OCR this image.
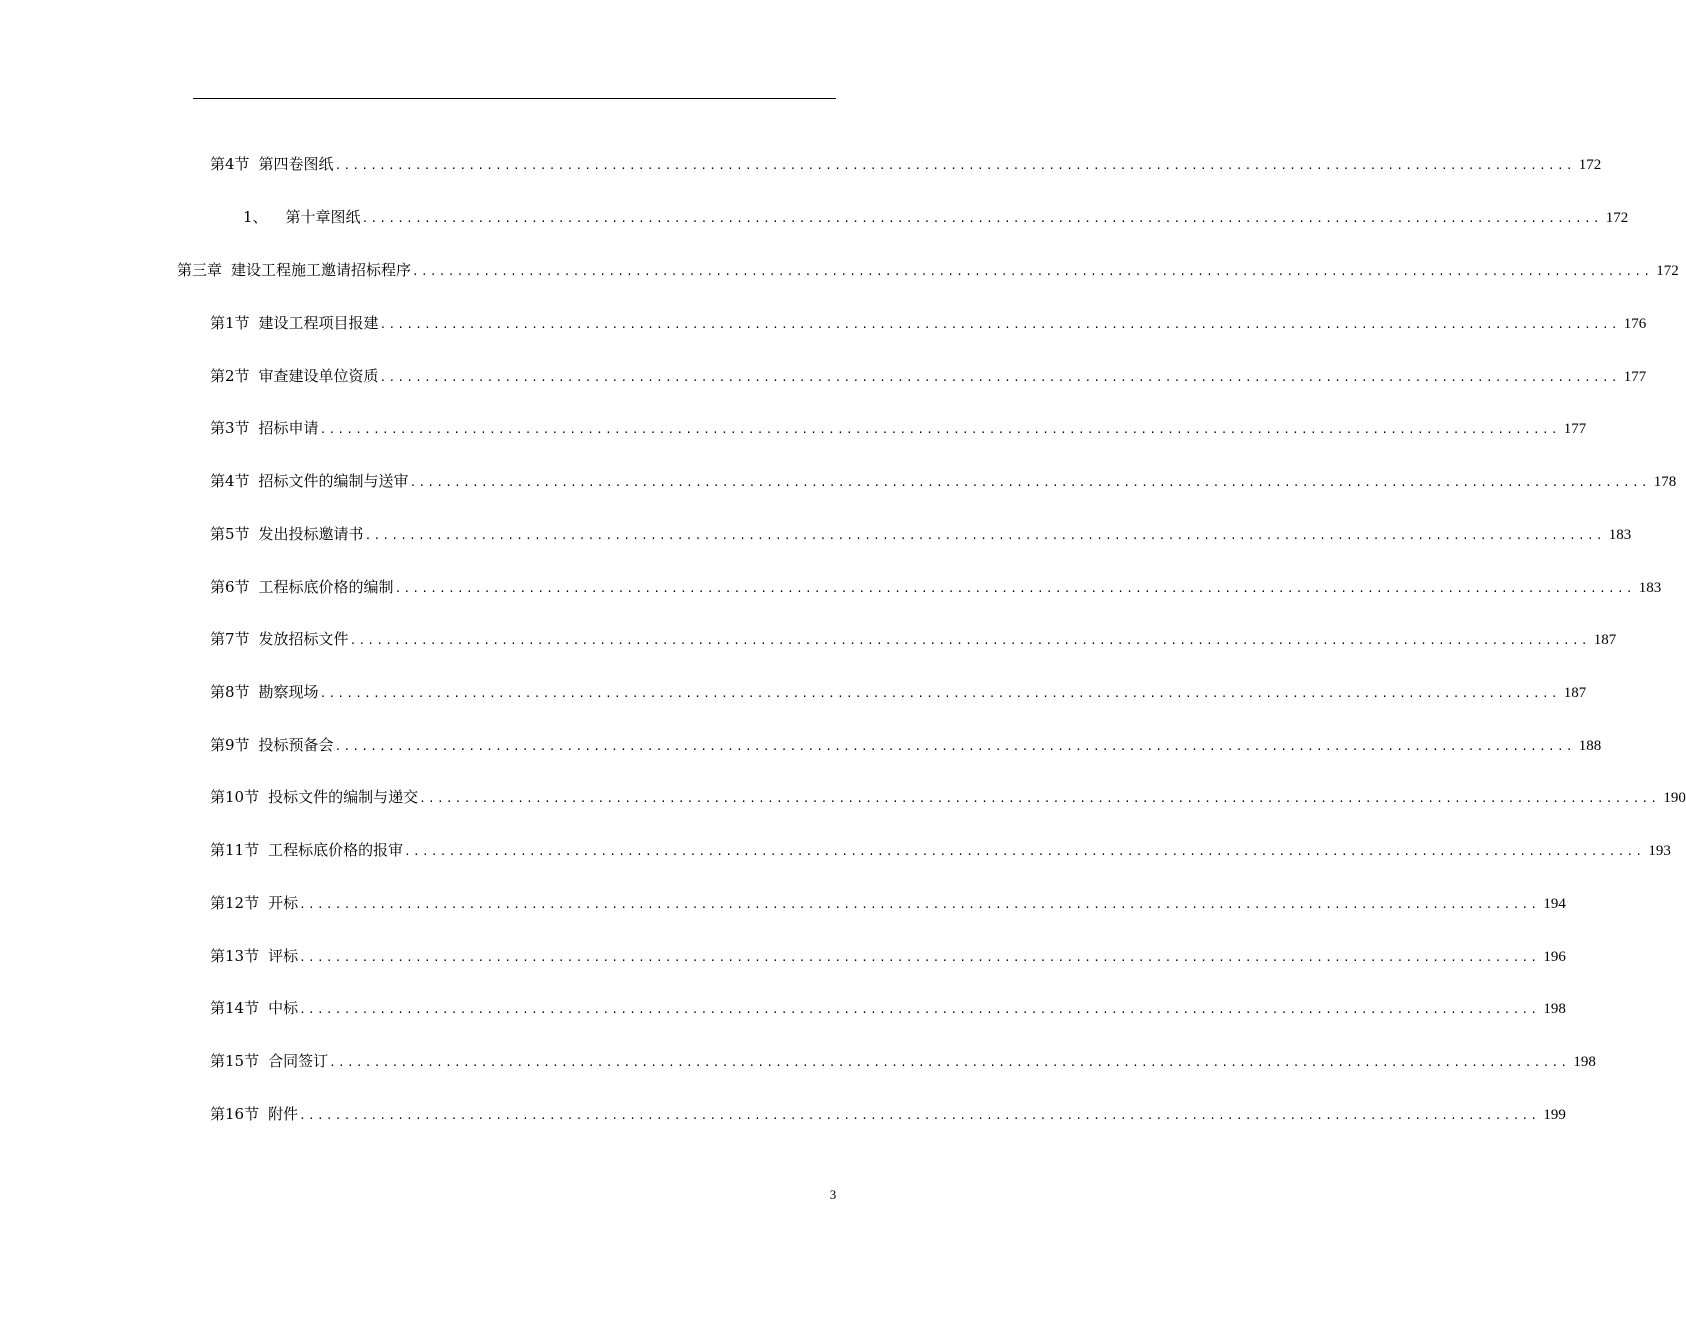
第4节 第四卷图纸 ........................................................................................................................................... 172
1、 第十章图纸 ........................................................................................................................................... 172
第三章 建设工程施工邀请招标程序 ........................................................................................................................................... 172
第1节 建设工程项目报建 ........................................................................................................................................... 176
第2节 审查建设单位资质 ........................................................................................................................................... 177
第3节 招标申请 ........................................................................................................................................... 177
第4节 招标文件的编制与送审 ........................................................................................................................................... 178
第5节 发出投标邀请书 ........................................................................................................................................... 183
第6节 工程标底价格的编制 ........................................................................................................................................... 183
第7节 发放招标文件 ........................................................................................................................................... 187
第8节 勘察现场 ........................................................................................................................................... 187
第9节 投标预备会 ........................................................................................................................................... 188
第10节 投标文件的编制与递交 ........................................................................................................................................... 190
第11节 工程标底价格的报审 ........................................................................................................................................... 193
第12节 开标 ........................................................................................................................................... 194
第13节 评标 ........................................................................................................................................... 196
第14节 中标 ........................................................................................................................................... 198
第15节 合同签订 ........................................................................................................................................... 198
第16节 附件 ........................................................................................................................................... 199
3
